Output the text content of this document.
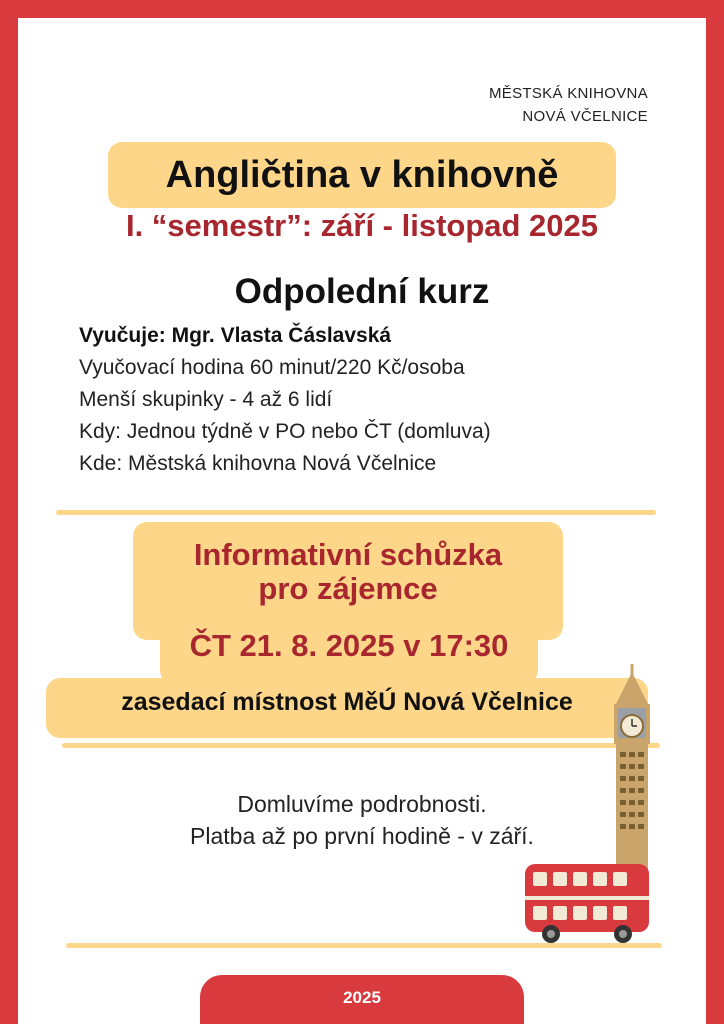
MĚSTSKÁ KNIHOVNA
NOVÁ VČELNICE
Angličtina v knihovně
I. “semestr”: září - listopad 2025
Odpolední kurz
Vyučuje: Mgr. Vlasta Čáslavská
Vyučovací hodina 60 minut/220 Kč/osoba
Menší skupinky - 4 až 6 lidí
Kdy: Jednou týdně v PO nebo ČT (domluva)
Kde: Městská knihovna Nová Včelnice
Informativní schůzka
pro zájemce
ČT 21. 8. 2025 v 17:30
zasedací místnost MěÚ Nová Včelnice
Domluvíme podrobnosti.
Platba až po první hodině - v září.
2025
